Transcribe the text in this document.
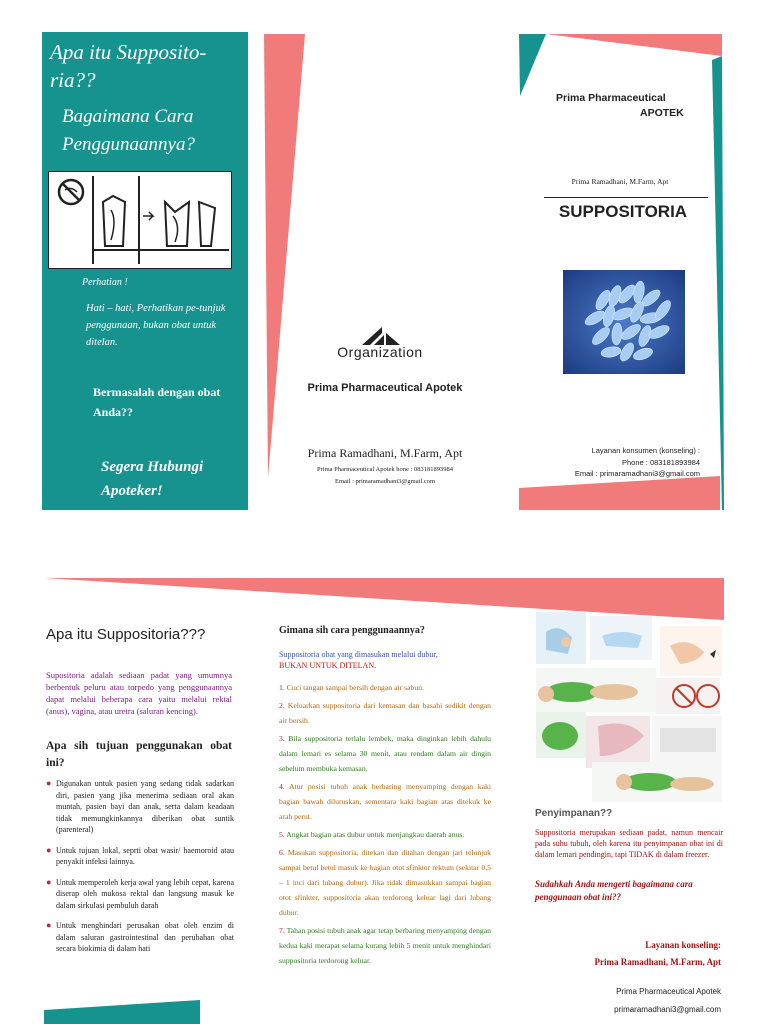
Apa itu Supposito-ria??

Bagaimana Cara Penggunaannya?

Perhatian !

Hati – hati, Perhatikan pe-tunjuk penggunaan, bukan obat untuk ditelan.

Bermasalah dengan obat Anda??

Segera Hubungi Apoteker!

Organization

Prima Pharmaceutical Apotek

Prima Ramadhani, M.Farm, Apt

Prima Pharmaceutical Apotek hone : 083181893984

Email : primaramadhani3@gmail.com

Prima Pharmaceutical

APOTEK

Prima Ramadhani, M.Farm, Apt

SUPPOSITORIA

Layanan konsumen (konseling) :

Phone : 083181893984

Email : primaramadhani3@gmail.com

Apa itu Suppositoria???

Supositoria adalah sediaan padat yang umumnya berbentuk peluru atau torpedo yang penggunaannya dapat melalui beberapa cara yaitu melalui rektal (anus), vagina, atau uretra (saluran kencing).

Apa sih tujuan penggunakan obat ini?

● Digunakan untuk pasien yang sedang tidak sadarkan diri, pasien yang jika menerima sediaan oral akan muntah, pasien bayi dan anak, serta dalam keadaan tidak memungkinkannya diberikan obat suntik (parenteral)
● Untuk tujuan lokal, seprti obat wasir/ haemoroid atau penyakit infeksi lainnya.
● Untuk memperoleh kerja awal yang lebih cepat, karena diserap oleh mukosa rektal dan langsung masuk ke dalam sirkulasi pembuluh darah
● Untuk menghindari perusakan obat oleh enzim di dalam saluran gastrointestinal dan perubahan obat secara biokimia di dalam hati

Gimana sih cara penggunaannya?

Suppositoria obat yang dimasukan melalui dubur,

BUKAN UNTUK DITELAN.

1. Cuci tangan sampai bersih dengan air sabun.

2. Keluarkan suppositoria dari kemasan dan basahi sedikit dengan air bersih.

3. Bila suppositoria terlalu lembek, maka dinginkan lebih dahulu dalam lemari es selama 30 menit, atau rendam dalam air dingin sebelum membuka kemasan.

4. Atur posisi tubuh anak berbaring menyamping dengan kaki bagian bawah diluruskan, sementara kaki bagian atas ditekuk ke arah perut.

5. Angkat bagian atas dubur untuk menjangkau daerah anus.

6. Masukan suppositoria, ditekan dan ditahan dengan jari telunjuk sampai betul betul masuk ke bagian otot sfinkter rektum (sekitar 0,5 – 1 inci dari lubang dubur). Jika tidak dimasukkan sampai bagian otot sfinkter, suppositoria akan terdorong keluar lagi dari lubang dubur.

7. Tahan posisi tubuh anak agar tetap berbaring menyamping dengan kedua kaki merapat selama kurang lebih 5 menit untuk menghindari suppositoria terdorong keluar.

Penyimpanan??

Suppositoria merupakan sediaan padat, namun mencair pada suhu tubuh, oleh karena itu penyimpanan obat ini di dalam lemari pendingin, tapi TIDAK di dalam freezer.

Sudahkah Anda mengerti bagaimana cara penggunaan obat ini??

Layanan konseling:

Prima Ramadhani, M.Farm, Apt

Prima Pharmaceutical Apotek

primaramadhani3@gmail.com
